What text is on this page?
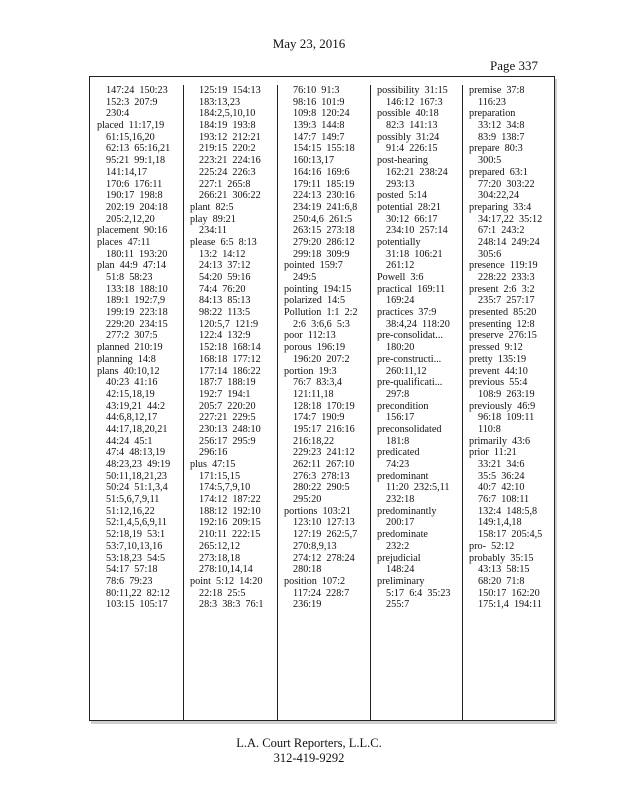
May 23, 2016
Page 337
147:24  150:23
152:3  207:9
230:4
placed  11:17,19
61:15,16,20
62:13  65:16,21
95:21  99:1,18
141:14,17
170:6  176:11
190:17  198:8
202:19  204:18
205:2,12,20
placement  90:16
places  47:11
180:11  193:20
plan  44:9  47:14
51:8  58:23
133:18  188:10
189:1  192:7,9
199:19  223:18
229:20  234:15
277:2  307:5
planned  210:19
planning  14:8
plans  40:10,12
40:23  41:16
42:15,18,19
43:19,21  44:2
44:6,8,12,17
44:17,18,20,21
44:24  45:1
47:4  48:13,19
48:23,23  49:19
50:11,18,21,23
50:24  51:1,3,4
51:5,6,7,9,11
51:12,16,22
52:1,4,5,6,9,11
52:18,19  53:1
53:7,10,13,16
53:18,23  54:5
54:17  57:18
78:6  79:23
80:11,22  82:12
103:15  105:17
125:19  154:13
183:13,23
184:2,5,10,10
184:19  193:8
193:12  212:21
219:15  220:2
223:21  224:16
225:24  226:3
227:1  265:8
266:21  306:22
plant  82:5
play  89:21
234:11
please  6:5  8:13
13:2  14:12
24:13  37:12
54:20  59:16
74:4  76:20
84:13  85:13
98:22  113:5
120:5,7  121:9
122:4  132:9
152:18  168:14
168:18  177:12
177:14  186:22
187:7  188:19
192:7  194:1
205:7  220:20
227:21  229:5
230:13  248:10
256:17  295:9
296:16
plus  47:15
171:15,15
174:5,7,9,10
174:12  187:22
188:12  192:10
192:16  209:15
210:11  222:15
265:12,12
273:18,18
278:10,14,14
point  5:12  14:20
22:18  25:5
28:3  38:3  76:1
76:10  91:3
98:16  101:9
109:8  120:24
139:3  144:8
147:7  149:7
154:15  155:18
160:13,17
164:16  169:6
179:11  185:19
224:13  230:16
234:19  241:6,8
250:4,6  261:5
263:15  273:18
279:20  286:12
299:18  309:9
pointed  159:7
249:5
pointing  194:15
polarized  14:5
Pollution  1:1  2:2
2:6  3:6,6  5:3
poor  112:13
porous  196:19
196:20  207:2
portion  19:3
76:7  83:3,4
121:11,18
128:18  170:19
174:7  190:9
195:17  216:16
216:18,22
229:23  241:12
262:11  267:10
276:3  278:13
280:22  290:5
295:20
portions  103:21
123:10  127:13
127:19  262:5,7
270:8,9,13
274:12  278:24
280:18
position  107:2
117:24  228:7
236:19
possibility  31:15
146:12  167:3
possible  40:18
82:3  141:13
possibly  31:24
91:4  226:15
post-hearing
162:21  238:24
293:13
posted  5:14
potential  28:21
30:12  66:17
234:10  257:14
potentially
31:18  106:21
261:12
Powell  3:6
practical  169:11
169:24
practices  37:9
38:4,24  118:20
pre-consolidat...
180:20
pre-constructi...
260:11,12
pre-qualificati...
297:8
precondition
156:17
preconsolidated
181:8
predicated
74:23
predominant
11:20  232:5,11
232:18
predominantly
200:17
predominate
232:2
prejudicial
148:24
preliminary
5:17  6:4  35:23
255:7
premise  37:8
116:23
preparation
33:12  34:8
83:9  138:7
prepare  80:3
300:5
prepared  63:1
77:20  303:22
304:22,24
preparing  33:4
34:17,22  35:12
67:1  243:2
248:14  249:24
305:6
presence  119:19
228:22  233:3
present  2:6  3:2
235:7  257:17
presented  85:20
presenting  12:8
preserve  276:15
pressed  9:12
pretty  135:19
prevent  44:10
previous  55:4
108:9  263:19
previously  46:9
96:18  109:11
110:8
primarily  43:6
prior  11:21
33:21  34:6
35:5  36:24
40:7  42:10
76:7  108:11
132:4  148:5,8
149:1,4,18
158:17  205:4,5
pro-  52:12
probably  35:15
43:13  58:15
68:20  71:8
150:17  162:20
175:1,4  194:11
L.A. Court Reporters, L.L.C.
312-419-9292
